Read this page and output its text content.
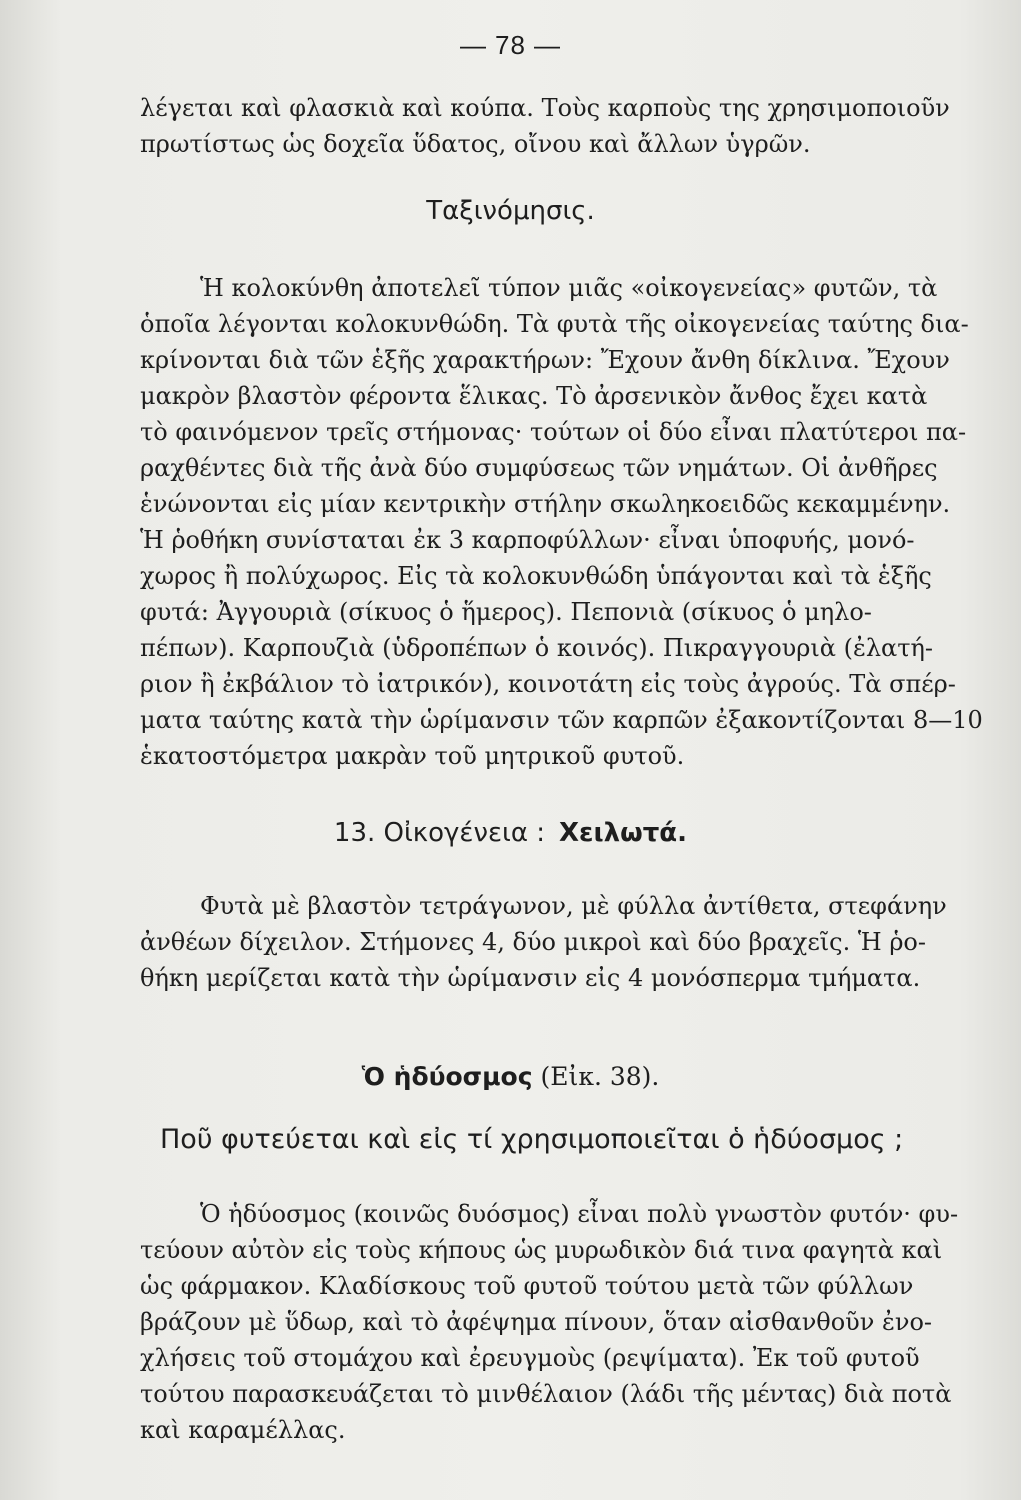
— 78 —
λέγεται καὶ φλασκιὰ καὶ κούπα. Τοὺς καρποὺς της χρησιμοποιοῦν
πρωτίστως ὡς δοχεῖα ὕδατος, οἴνου καὶ ἄλλων ὑγρῶν.
Ταξινόμησις.
Ἡ κολοκύνθη ἀποτελεῖ τύπον μιᾶς «οἰκογενείας» φυτῶν, τὰ
ὁποῖα λέγονται κολοκυνθώδη. Τὰ φυτὰ τῆς οἰκογενείας ταύτης δια-
κρίνονται διὰ τῶν ἑξῆς χαρακτήρων: Ἔχουν ἄνθη δίκλινα. Ἔχουν
μακρὸν βλαστὸν φέροντα ἕλικας. Τὸ ἀρσενικὸν ἄνθος ἔχει κατὰ
τὸ φαινόμενον τρεῖς στήμονας· τούτων οἱ δύο εἶναι πλατύτεροι πα-
ραχθέντες διὰ τῆς ἀνὰ δύο συμφύσεως τῶν νημάτων. Οἱ ἀνθῆρες
ἑνώνονται εἰς μίαν κεντρικὴν στήλην σκωληκοειδῶς κεκαμμένην.
Ἡ ῥοθήκη συνίσταται ἐκ 3 καρποφύλλων· εἶναι ὑποφυής, μονό-
χωρος ἢ πολύχωρος. Εἰς τὰ κολοκυνθώδη ὑπάγονται καὶ τὰ ἑξῆς
φυτά: Ἀγγουριὰ (σίκυος ὁ ἥμερος). Πεπονιὰ (σίκυος ὁ μηλο-
πέπων). Καρπουζιὰ (ὑδροπέπων ὁ κοινός). Πικραγγουριὰ (ἐλατή-
ριον ἢ ἐκβάλιον τὸ ἰατρικόν), κοινοτάτη εἰς τοὺς ἀγρούς. Τὰ σπέρ-
ματα ταύτης κατὰ τὴν ὡρίμανσιν τῶν καρπῶν ἐξακοντίζονται 8—10
ἑκατοστόμετρα μακρὰν τοῦ μητρικοῦ φυτοῦ.
13. Οἰκογένεια : Χειλωτά.
Φυτὰ μὲ βλαστὸν τετράγωνον, μὲ φύλλα ἀντίθετα, στεφάνην
ἀνθέων δίχειλον. Στήμονες 4, δύο μικροὶ καὶ δύο βραχεῖς. Ἡ ῥο-
θήκη μερίζεται κατὰ τὴν ὡρίμανσιν εἰς 4 μονόσπερμα τμήματα.
Ὁ ἡδύοσμος (Εἰκ. 38).
Ποῦ φυτεύεται καὶ εἰς τί χρησιμοποιεῖται ὁ ἡδύοσμος ;
Ὁ ἡδύοσμος (κοινῶς δυόσμος) εἶναι πολὺ γνωστὸν φυτόν· φυ-
τεύουν αὐτὸν εἰς τοὺς κήπους ὡς μυρωδικὸν διά τινα φαγητὰ καὶ
ὡς φάρμακον. Κλαδίσκους τοῦ φυτοῦ τούτου μετὰ τῶν φύλλων
βράζουν μὲ ὕδωρ, καὶ τὸ ἀφέψημα πίνουν, ὅταν αἰσθανθοῦν ἐνο-
χλήσεις τοῦ στομάχου καὶ ἐρευγμοὺς (ρεψίματα). Ἐκ τοῦ φυτοῦ
τούτου παρασκευάζεται τὸ μινθέλαιον (λάδι τῆς μέντας) διὰ ποτὰ
καὶ καραμέλλας.
